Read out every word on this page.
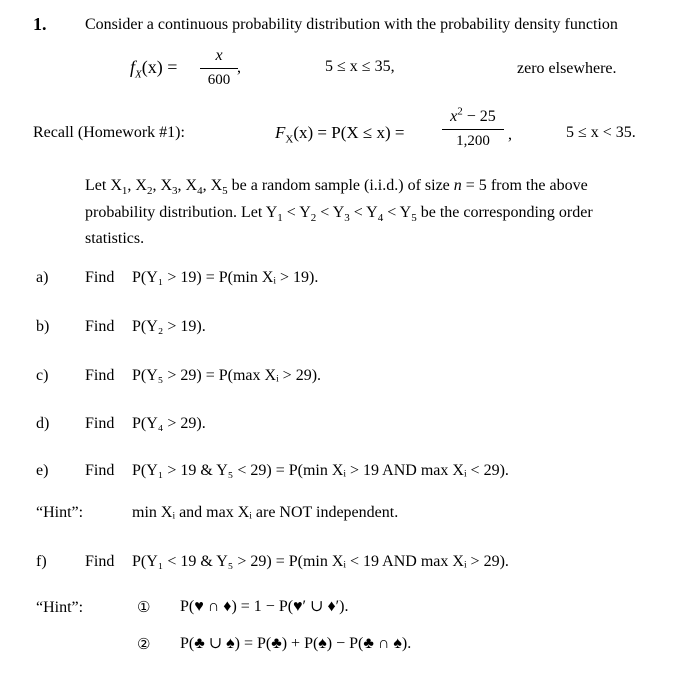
1. Consider a continuous probability distribution with the probability density function
$f_X(x) = \frac{x}{600}$ ,	5 ≤ x ≤ 35,	zero elsewhere.
Recall (Homework #1):	$F_X(x) = P(X \le x) = \frac{x^2 - 25}{1,200}$ ,	5 ≤ x < 35.
Let $X_1$, $X_2$, $X_3$, $X_4$, $X_5$ be a random sample (i.i.d.) of size n = 5 from the above
probability distribution. Let $Y_1 < Y_2 < Y_3 < Y_4 < Y_5$ be the corresponding order
statistics.
a) Find P(Y₁ > 19) = P(min Xᵢ > 19).
b) Find P(Y₂ > 19).
c) Find P(Y₅ > 29) = P(max Xᵢ > 29).
d) Find P(Y₄ > 29).
e) Find P(Y₁ > 19 & Y₅ < 29) = P(min Xᵢ > 19 AND max Xᵢ < 29).
“Hint”:	min Xᵢ and max Xᵢ are NOT independent.
f) Find P(Y₁ < 19 & Y₅ > 29) = P(min Xᵢ < 19 AND max Xᵢ > 29).
“Hint”:	① P(♥ ∩ ♦) = 1 − P(♥′ ∪ ♦′).
② P(♣ ∪ ♠) = P(♣) + P(♠) − P(♣ ∩ ♠).
